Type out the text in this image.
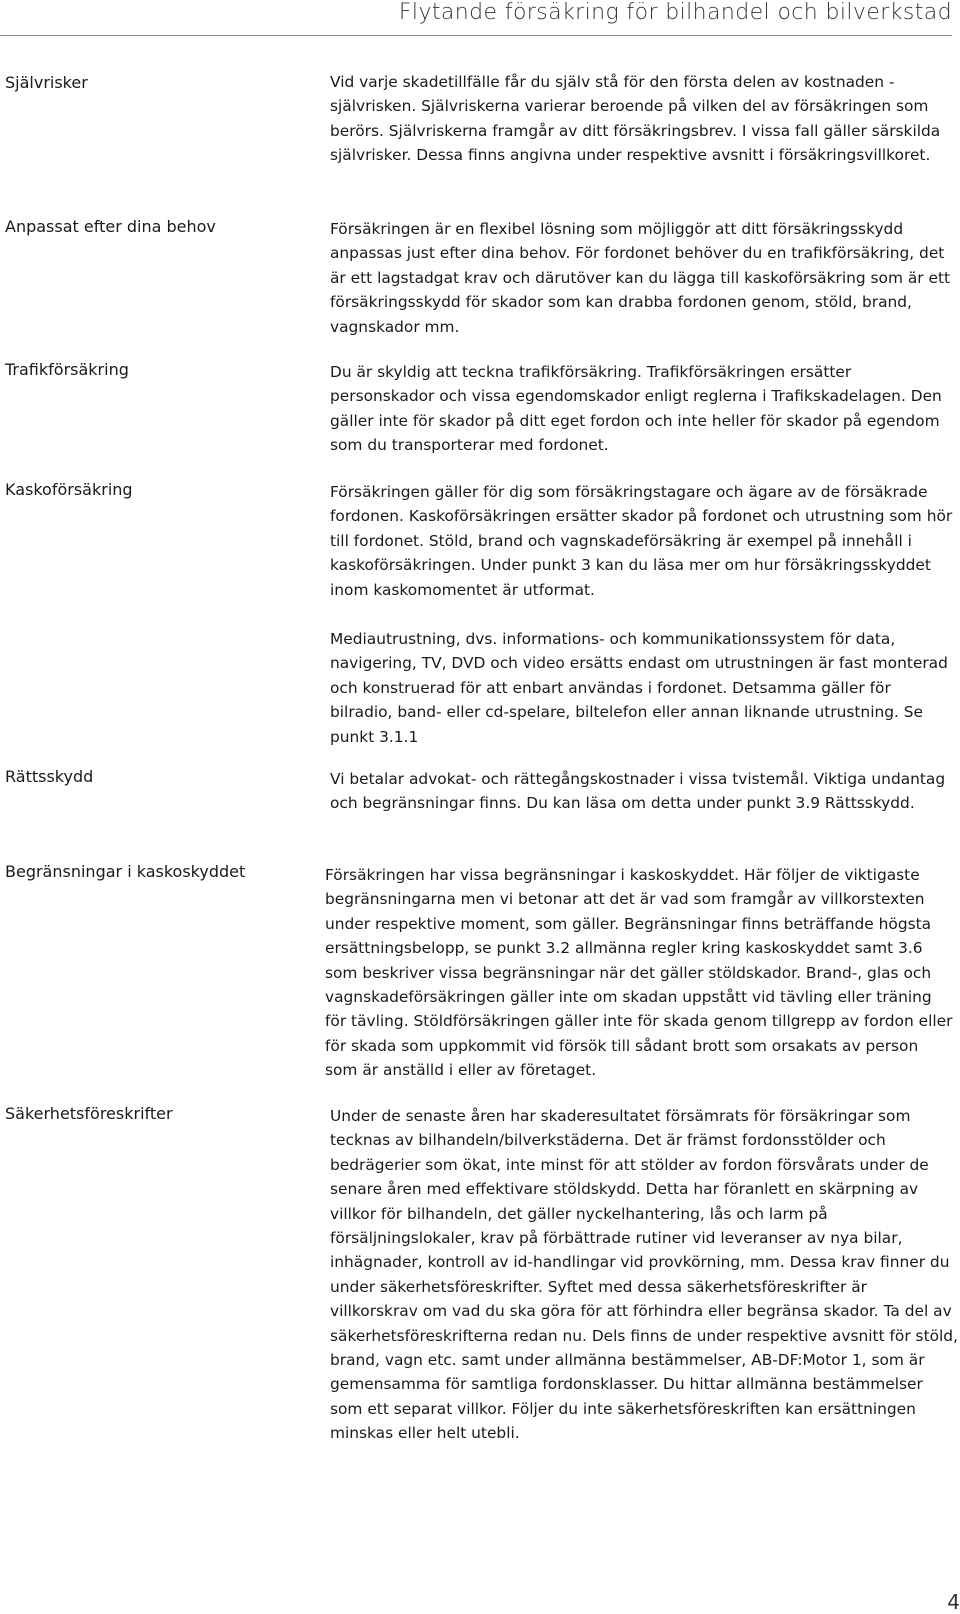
Flytande försäkring för bilhandel och bilverkstad
Självrisker	Vid varje skadetillfälle får du själv stå för den första delen av kostnaden - självrisken. Självriskerna varierar beroende på vilken del av försäkringen som berörs. Självriskerna framgår av ditt försäkringsbrev. I vissa fall gäller särskilda självrisker. Dessa finns angivna under respektive avsnitt i försäkringsvillkoret.

Anpassat efter dina behov	Försäkringen är en flexibel lösning som möjliggör att ditt försäkringsskydd anpassas just efter dina behov. För fordonet behöver du en trafikförsäkring, det är ett lagstadgat krav och därutöver kan du lägga till kaskoförsäkring som är ett försäkringsskydd för skador som kan drabba fordonen genom, stöld, brand, vagnskador mm.

Trafikförsäkring	Du är skyldig att teckna trafikförsäkring. Trafikförsäkringen ersätter personskador och vissa egendomskador enligt reglerna i Trafikskadelagen. Den gäller inte för skador på ditt eget fordon och inte heller för skador på egendom som du transporterar med fordonet.

Kaskoförsäkring	Försäkringen gäller för dig som försäkringstagare och ägare av de försäkrade fordonen. Kaskoförsäkringen ersätter skador på fordonet och utrustning som hör till fordonet. Stöld, brand och vagnskadeförsäkring är exempel på innehåll i kaskoförsäkringen. Under punkt 3 kan du läsa mer om hur försäkringsskyddet inom kaskomomentet är utformat.

Mediautrustning, dvs. informations- och kommunikationssystem för data, navigering, TV, DVD och video ersätts endast om utrustningen är fast monterad och konstruerad för att enbart användas i fordonet. Detsamma gäller för bilradio, band- eller cd-spelare, biltelefon eller annan liknande utrustning. Se punkt 3.1.1

Rättsskydd	Vi betalar advokat- och rättegångskostnader i vissa tvistemål. Viktiga undantag och begränsningar finns. Du kan läsa om detta under punkt 3.9 Rättsskydd.

Begränsningar i kaskoskyddet	Försäkringen har vissa begränsningar i kaskoskyddet. Här följer de viktigaste begränsningarna men vi betonar att det är vad som framgår av villkorstexten under respektive moment, som gäller. Begränsningar finns beträffande högsta ersättningsbelopp, se punkt 3.2 allmänna regler kring kaskoskyddet samt 3.6 som beskriver vissa begränsningar när det gäller stöldskador. Brand-, glas och vagnskadeförsäkringen gäller inte om skadan uppstått vid tävling eller träning för tävling. Stöldförsäkringen gäller inte för skada genom tillgrepp av fordon eller för skada som uppkommit vid försök till sådant brott som orsakats av person som är anställd i eller av företaget.

Säkerhetsföreskrifter	Under de senaste åren har skaderesultatet försämrats för försäkringar som tecknas av bilhandeln/bilverkstäderna. Det är främst fordonsstölder och bedrägerier som ökat, inte minst för att stölder av fordon försvårats under de senare åren med effektivare stöldskydd. Detta har föranlett en skärpning av villkor för bilhandeln, det gäller nyckelhantering, lås och larm på försäljningslokaler, krav på förbättrade rutiner vid leveranser av nya bilar, inhägnader, kontroll av id-handlingar vid provkörning, mm. Dessa krav finner du under säkerhetsföreskrifter. Syftet med dessa säkerhetsföreskrifter är villkorskrav om vad du ska göra för att förhindra eller begränsa skador. Ta del av säkerhetsföreskrifterna redan nu. Dels finns de under respektive avsnitt för stöld, brand, vagn etc. samt under allmänna bestämmelser, AB-DF:Motor 1, som är gemensamma för samtliga fordonsklasser. Du hittar allmänna bestämmelser som ett separat villkor. Följer du inte säkerhetsföreskriften kan ersättningen minskas eller helt utebli.

4
